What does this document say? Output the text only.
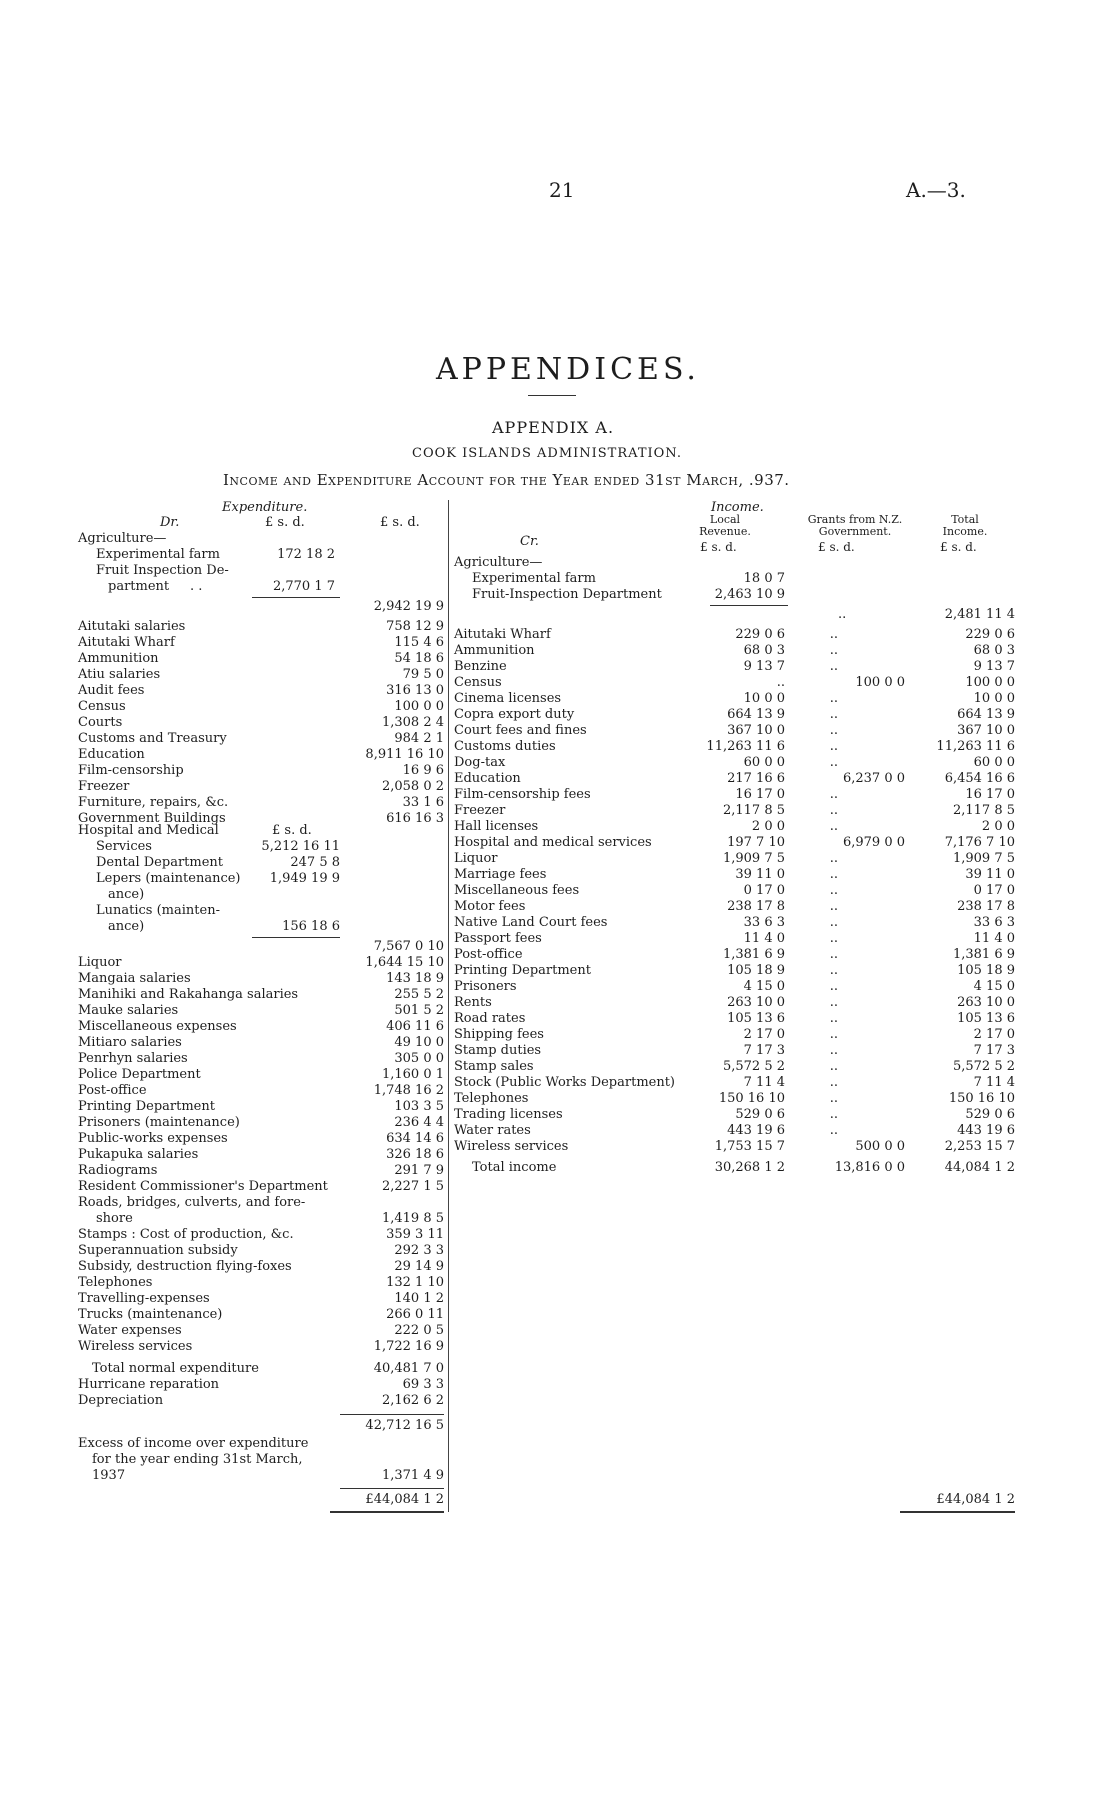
21	A.—3.
APPENDICES.
APPENDIX A.
COOK ISLANDS ADMINISTRATION.
Income and Expenditure Account for the Year ended 31st March, .937.
Expenditure.
Dr.	£ s. d.	£ s. d.
Agriculture—
Experimental farm	172 18 2
Fruit Inspection De-
partment . .	2,770 1 7
2,942 19 9
Aitutaki salaries	758 12 9
Aitutaki Wharf	115 4 6
Ammunition	54 18 6
Atiu salaries	79 5 0
Audit fees	316 13 0
Census	100 0 0
Courts	1,308 2 4
Customs and Treasury	984 2 1
Education	8,911 16 10
Film-censorship	16 9 6
Freezer	2,058 0 2
Furniture, repairs, &c.	33 1 6
Government Buildings	616 16 3
Hospital and Medical	£ s. d.
Services	5,212 16 11
Dental Department	247 5 8
Lepers (maintenance)	1,949 19 9
ance)
Lunatics (mainten-
ance)	156 18 6
7,567 0 10
Liquor	1,644 15 10
Mangaia salaries	143 18 9
Manihiki and Rakahanga salaries	255 5 2
Mauke salaries	501 5 2
Miscellaneous expenses	406 11 6
Mitiaro salaries	49 10 0
Penrhyn salaries	305 0 0
Police Department	1,160 0 1
Post-office	1,748 16 2
Printing Department	103 3 5
Prisoners (maintenance)	236 4 4
Public-works expenses	634 14 6
Pukapuka salaries	326 18 6
Radiograms	291 7 9
Resident Commissioner's Department	2,227 1 5
Roads, bridges, culverts, and fore-
shore	1,419 8 5
Stamps : Cost of production, &c.	359 3 11
Superannuation subsidy	292 3 3
Subsidy, destruction flying-foxes	29 14 9
Telephones	132 1 10
Travelling-expenses	140 1 2
Trucks (maintenance)	266 0 11
Water expenses	222 0 5
Wireless services	1,722 16 9
Total normal expenditure	40,481 7 0
Hurricane reparation	69 3 3
Depreciation	2,162 6 2
42,712 16 5
Excess of income over expenditure
for the year ending 31st March,
1937	1,371 4 9
£44,084 1 2
Income.
Local Revenue.
Grants from N.Z. Government.
Total Income.
Cr.	£ s. d.	£ s. d.	£ s. d.
Agriculture—
Experimental farm	18 0 7
Fruit-Inspection Department	2,463 10 9
..	2,481 11 4
Aitutaki Wharf	229 0 6	..	229 0 6
Ammunition	68 0 3	..	68 0 3
Benzine	9 13 7	..	9 13 7
Census	..	100 0 0	100 0 0
Cinema licenses	10 0 0	..	10 0 0
Copra export duty	664 13 9	..	664 13 9
Court fees and fines	367 10 0	..	367 10 0
Customs duties	11,263 11 6	..	11,263 11 6
Dog-tax	60 0 0	..	60 0 0
Education	217 16 6	6,237 0 0	6,454 16 6
Film-censorship fees	16 17 0	..	16 17 0
Freezer	2,117 8 5	..	2,117 8 5
Hall licenses	2 0 0	..	2 0 0
Hospital and medical services	197 7 10	6,979 0 0	7,176 7 10
Liquor	1,909 7 5	..	1,909 7 5
Marriage fees	39 11 0	..	39 11 0
Miscellaneous fees	0 17 0	..	0 17 0
Motor fees	238 17 8	..	238 17 8
Native Land Court fees	33 6 3	..	33 6 3
Passport fees	11 4 0	..	11 4 0
Post-office	1,381 6 9	..	1,381 6 9
Printing Department	105 18 9	..	105 18 9
Prisoners	4 15 0	..	4 15 0
Rents	263 10 0	..	263 10 0
Road rates	105 13 6	..	105 13 6
Shipping fees	2 17 0	..	2 17 0
Stamp duties	7 17 3	..	7 17 3
Stamp sales	5,572 5 2	..	5,572 5 2
Stock (Public Works Department)	7 11 4	..	7 11 4
Telephones	150 16 10	..	150 16 10
Trading licenses	529 0 6	..	529 0 6
Water rates	443 19 6	..	443 19 6
Wireless services	1,753 15 7	500 0 0	2,253 15 7
Total income	30,268 1 2	13,816 0 0	44,084 1 2
£44,084 1 2
